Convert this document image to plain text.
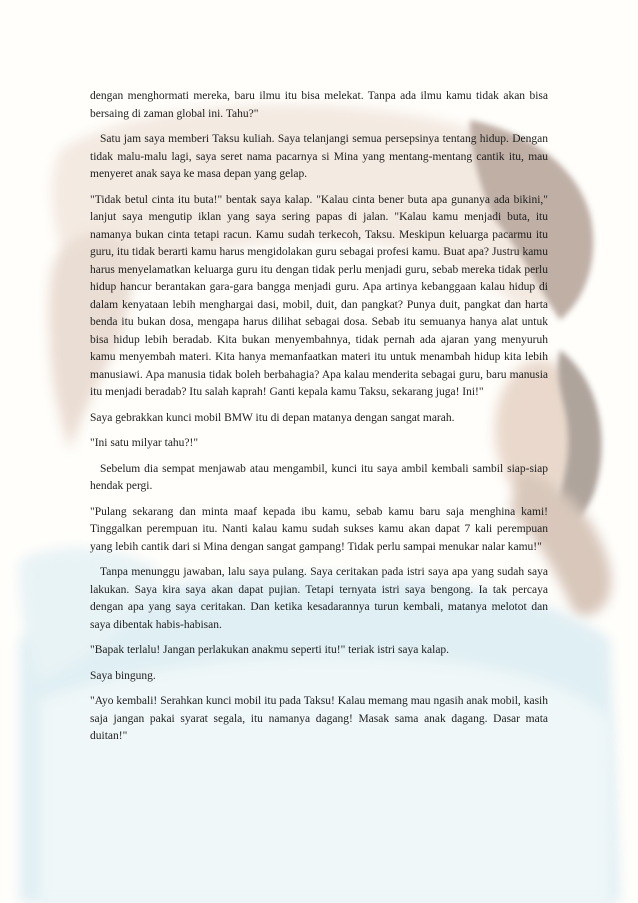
dengan menghormati mereka, baru ilmu itu bisa melekat. Tanpa ada ilmu kamu tidak akan bisa bersaing di zaman global ini. Tahu?"

Satu jam saya memberi Taksu kuliah. Saya telanjangi semua persepsinya tentang hidup. Dengan tidak malu-malu lagi, saya seret nama pacarnya si Mina yang mentang-mentang cantik itu, mau menyeret anak saya ke masa depan yang gelap.

"Tidak betul cinta itu buta!" bentak saya kalap. "Kalau cinta bener buta apa gunanya ada bikini," lanjut saya mengutip iklan yang saya sering papas di jalan. "Kalau kamu menjadi buta, itu namanya bukan cinta tetapi racun. Kamu sudah terkecoh, Taksu. Meskipun keluarga pacarmu itu guru, itu tidak berarti kamu harus mengidolakan guru sebagai profesi kamu. Buat apa? Justru kamu harus menyelamatkan keluarga guru itu dengan tidak perlu menjadi guru, sebab mereka tidak perlu hidup hancur berantakan gara-gara bangga menjadi guru. Apa artinya kebanggaan kalau hidup di dalam kenyataan lebih menghargai dasi, mobil, duit, dan pangkat? Punya duit, pangkat dan harta benda itu bukan dosa, mengapa harus dilihat sebagai dosa. Sebab itu semuanya hanya alat untuk bisa hidup lebih beradab. Kita bukan menyembahnya, tidak pernah ada ajaran yang menyuruh kamu menyembah materi. Kita hanya memanfaatkan materi itu untuk menambah hidup kita lebih manusiawi. Apa manusia tidak boleh berbahagia? Apa kalau menderita sebagai guru, baru manusia itu menjadi beradab? Itu salah kaprah! Ganti kepala kamu Taksu, sekarang juga! Ini!"

Saya gebrakkan kunci mobil BMW itu di depan matanya dengan sangat marah.

"Ini satu milyar tahu?!"

Sebelum dia sempat menjawab atau mengambil, kunci itu saya ambil kembali sambil siap-siap hendak pergi.

"Pulang sekarang dan minta maaf kepada ibu kamu, sebab kamu baru saja menghina kami! Tinggalkan perempuan itu. Nanti kalau kamu sudah sukses kamu akan dapat 7 kali perempuan yang lebih cantik dari si Mina dengan sangat gampang! Tidak perlu sampai menukar nalar kamu!"

Tanpa menunggu jawaban, lalu saya pulang. Saya ceritakan pada istri saya apa yang sudah saya lakukan. Saya kira saya akan dapat pujian. Tetapi ternyata istri saya bengong. Ia tak percaya dengan apa yang saya ceritakan. Dan ketika kesadarannya turun kembali, matanya melotot dan saya dibentak habis-habisan.

"Bapak terlalu! Jangan perlakukan anakmu seperti itu!" teriak istri saya kalap.

Saya bingung.

"Ayo kembali! Serahkan kunci mobil itu pada Taksu! Kalau memang mau ngasih anak mobil, kasih saja jangan pakai syarat segala, itu namanya dagang! Masak sama anak dagang. Dasar mata duitan!"
